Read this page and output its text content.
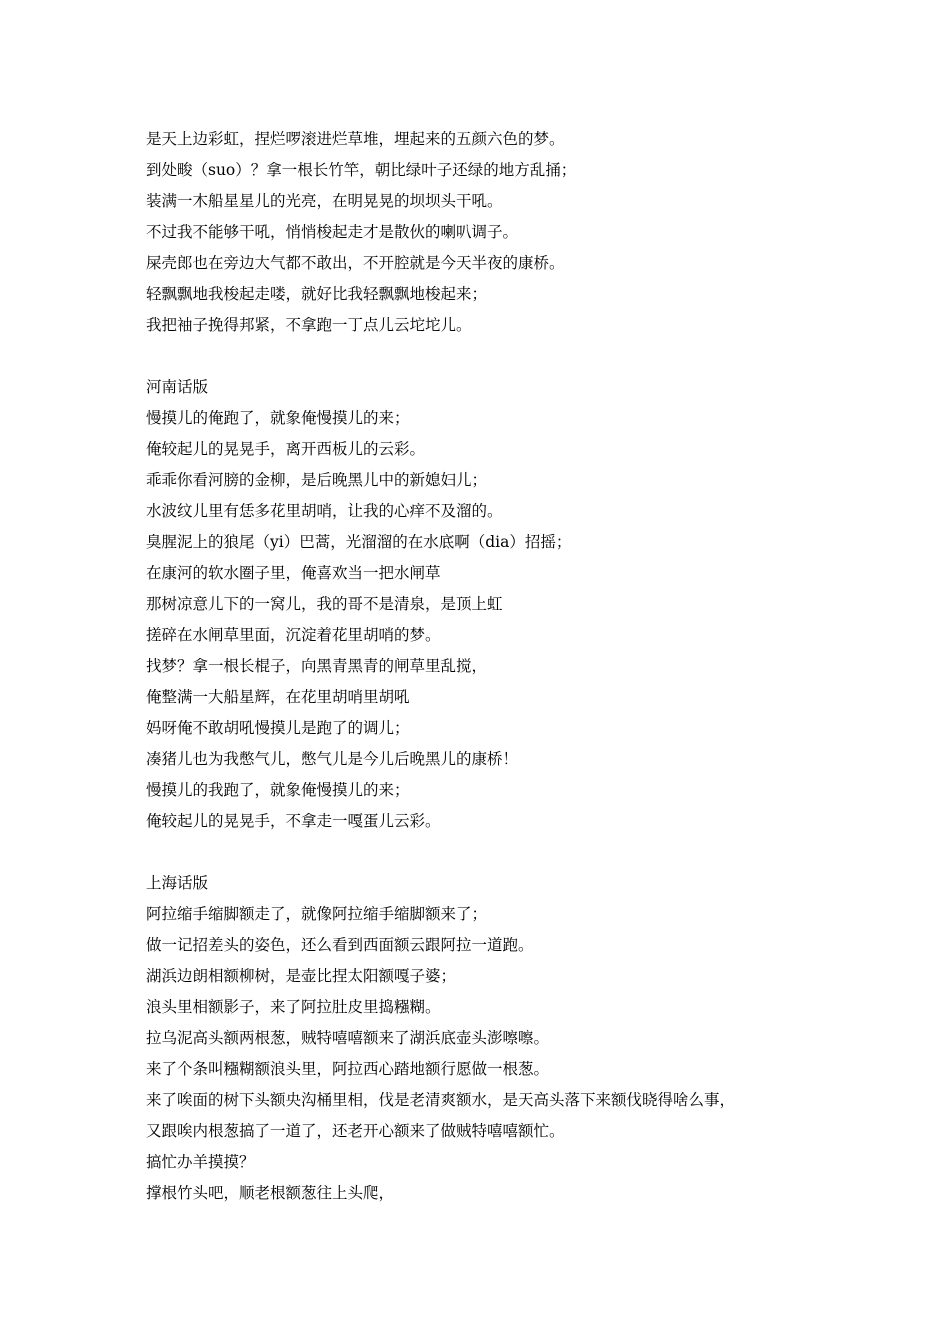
是天上边彩虹，捏烂啰滚进烂草堆，埋起来的五颜六色的梦。
到处畯（suo）？拿一根长竹竿，朝比绿叶子还绿的地方乱捅；
装满一木船星星儿的光亮，在明晃晃的坝坝头干吼。
不过我不能够干吼，悄悄梭起走才是散伙的喇叭调子。
屎壳郎也在旁边大气都不敢出，不开腔就是今天半夜的康桥。
轻飘飘地我梭起走喽，就好比我轻飘飘地梭起来；
我把袖子挽得邦紧，不拿跑一丁点儿云坨坨儿。
河南话版
慢摸儿的俺跑了，就象俺慢摸儿的来；
俺较起儿的晃晃手，离开西板儿的云彩。
乖乖你看河膀的金柳，是后晚黑儿中的新媳妇儿；
水波纹儿里有恁多花里胡哨，让我的心痒不及溜的。
臭腥泥上的狼尾（yi）巴蒿，光溜溜的在水底啊（dia）招摇；
在康河的软水圈子里，俺喜欢当一把水闸草
那树凉意儿下的一窝儿，我的哥不是清泉，是顶上虹
搓碎在水闸草里面，沉淀着花里胡哨的梦。
找梦？拿一根长棍子，向黑青黑青的闸草里乱搅，
俺整满一大船星辉，在花里胡哨里胡吼
妈呀俺不敢胡吼慢摸儿是跑了的调儿；
凑猪儿也为我憋气儿，憋气儿是今儿后晚黑儿的康桥！
慢摸儿的我跑了，就象俺慢摸儿的来；
俺较起儿的晃晃手，不拿走一嘎蛋儿云彩。
上海话版
阿拉缩手缩脚额走了，就像阿拉缩手缩脚额来了；
做一记招差头的姿色，还么看到西面额云跟阿拉一道跑。
湖浜边朗相额柳树，是壶比捏太阳额嘎子婆；
浪头里相额影子，来了阿拉肚皮里捣糨糊。
拉乌泥高头额两根葱，贼特嘻嘻额来了湖浜底壶头澎嚓嚓。
来了个条叫糨糊额浪头里，阿拉西心踏地额行愿做一根葱。
来了唉面的树下头额央沟桶里相，伐是老清爽额水，是天高头落下来额伐晓得啥么事，
又跟唉内根葱搞了一道了，还老开心额来了做贼特嘻嘻额忙。
搞忙办羊摸摸？
撑根竹头吧，顺老根额葱往上头爬，
